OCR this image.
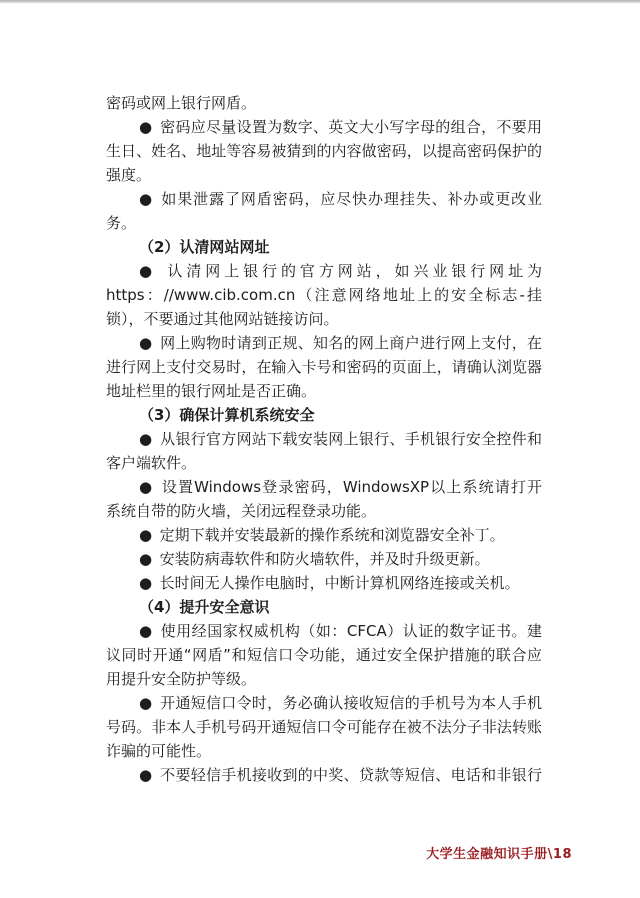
密码或网上银行网盾。
● 密码应尽量设置为数字、英文大小写字母的组合，不要用
生日、姓名、地址等容易被猜到的内容做密码，以提高密码保护的
强度。
● 如果泄露了网盾密码，应尽快办理挂失、补办或更改业
务。
（2）认清网站网址
● 认清网上银行的官方网站，如兴业银行网址为
https：//www.cib.com.cn（注意网络地址上的安全标志-挂
锁），不要通过其他网站链接访问。
● 网上购物时请到正规、知名的网上商户进行网上支付，在
进行网上支付交易时，在输入卡号和密码的页面上，请确认浏览器
地址栏里的银行网址是否正确。
（3）确保计算机系统安全
● 从银行官方网站下载安装网上银行、手机银行安全控件和
客户端软件。
● 设置Windows登录密码，WindowsXP以上系统请打开
系统自带的防火墙，关闭远程登录功能。
● 定期下载并安装最新的操作系统和浏览器安全补丁。
● 安装防病毒软件和防火墙软件，并及时升级更新。
● 长时间无人操作电脑时，中断计算机网络连接或关机。
（4）提升安全意识
● 使用经国家权威机构（如：CFCA）认证的数字证书。建
议同时开通“网盾”和短信口令功能，通过安全保护措施的联合应
用提升安全防护等级。
● 开通短信口令时，务必确认接收短信的手机号为本人手机
号码。非本人手机号码开通短信口令可能存在被不法分子非法转账
诈骗的可能性。
● 不要轻信手机接收到的中奖、贷款等短信、电话和非银行
大学生金融知识手册\18
